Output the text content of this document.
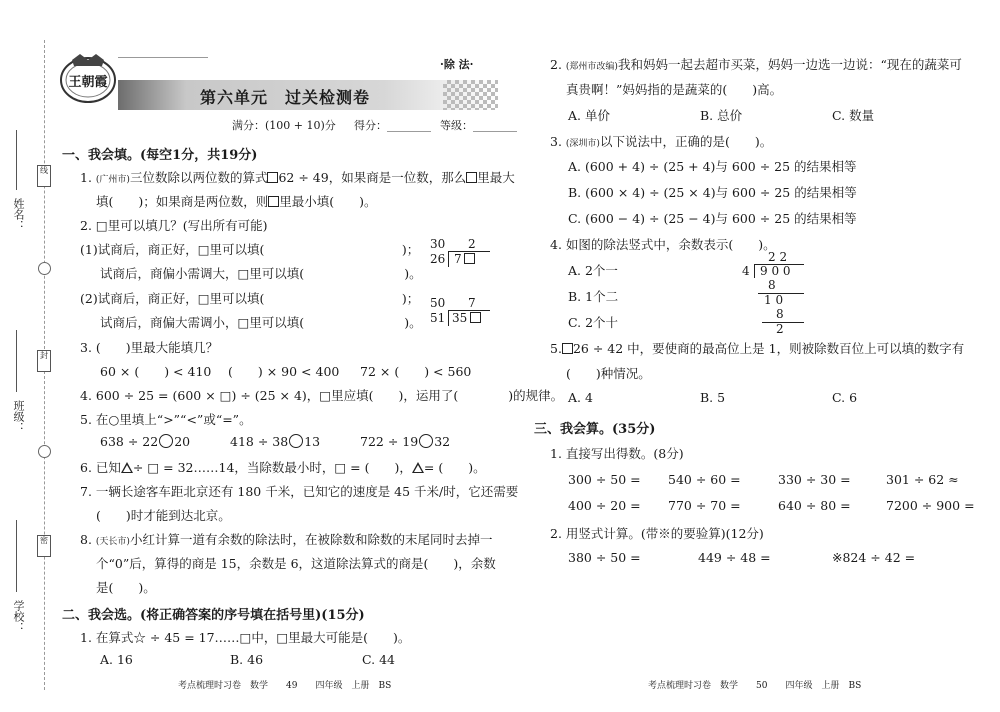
姓名：
班级：
学校：
线
封
密
王朝霞
·除 法·
第六单元　过关检测卷
满分：(100 + 10)分 得分：________ 等级：________
一、我会填。(每空1分，共19分)
1. (广州市)三位数除以两位数的算式 62 ÷ 49，如果商是一位数，那么 里最大
填(　　)；如果商是两位数，则 里最小填(　　)。
2. □里可以填几？(写出所有可能)
(1)试商后，商正好，□里可以填(　　　　　　　　　　　)；
试商后，商偏小需调大，□里可以填(　　　　　　　　)。
(2)试商后，商正好，□里可以填(　　　　　　　　　　　)；
试商后，商偏大需调小，□里可以填(　　　　　　　　)。
30 2
26 7
50 7
51 35
3. (　　)里最大能填几？
60 × (　　) < 410 (　　) × 90 < 400 72 × (　　) < 560
4. 600 ÷ 25 = (600 × □) ÷ (25 × 4)，□里应填(　　)，运用了(　　　　)的规律。
5. 在○里填上“>”“<”或“=”。
638 ÷ 22 20	418 ÷ 38 13	722 ÷ 19 32
6. 已知 ÷ □ = 32……14，当除数最小时，□ = (　　)， = (　　)。
7. 一辆长途客车距北京还有 180 千米，已知它的速度是 45 千米/时，它还需要
(　　)时才能到达北京。
8. (天长市)小红计算一道有余数的除法时，在被除数和除数的末尾同时去掉一
个“0”后，算得的商是 15，余数是 6，这道除法算式的商是(　　)，余数
是(　　)。
二、我会选。(将正确答案的序号填在括号里)(15分)
1. 在算式☆ ÷ 45 = 17……□中，□里最大可能是(　　)。
A. 16	B. 46	C. 44
考点梳理时习卷　数学　　49　　四年级　上册　BS
2. (郑州市改编)我和妈妈一起去超市买菜，妈妈一边选一边说：“现在的蔬菜可
真贵啊！”妈妈指的是蔬菜的(　　)高。
A. 单价	B. 总价	C. 数量
3. (深圳市)以下说法中，正确的是(　　)。
A. (600 + 4) ÷ (25 + 4)与 600 ÷ 25 的结果相等
B. (600 × 4) ÷ (25 × 4)与 600 ÷ 25 的结果相等
C. (600 − 4) ÷ (25 − 4)与 600 ÷ 25 的结果相等
4. 如图的除法竖式中，余数表示(　　)。
A. 2个一
B. 1个二
C. 2个十
2 2
4 9 0 0
8
1 0
8
2
5. 26 ÷ 42 中，要使商的最高位上是 1，则被除数百位上可以填的数字有
(　　)种情况。
A. 4	B. 5	C. 6
三、我会算。(35分)
1. 直接写出得数。(8分)
300 ÷ 50 = 540 ÷ 60 =	330 ÷ 30 =	301 ÷ 62 ≈
400 ÷ 20 = 770 ÷ 70 =	640 ÷ 80 =	7200 ÷ 900 =
2. 用竖式计算。(带※的要验算)(12分)
380 ÷ 50 =	449 ÷ 48 =	※824 ÷ 42 =
考点梳理时习卷　数学　　50　　四年级　上册　BS
